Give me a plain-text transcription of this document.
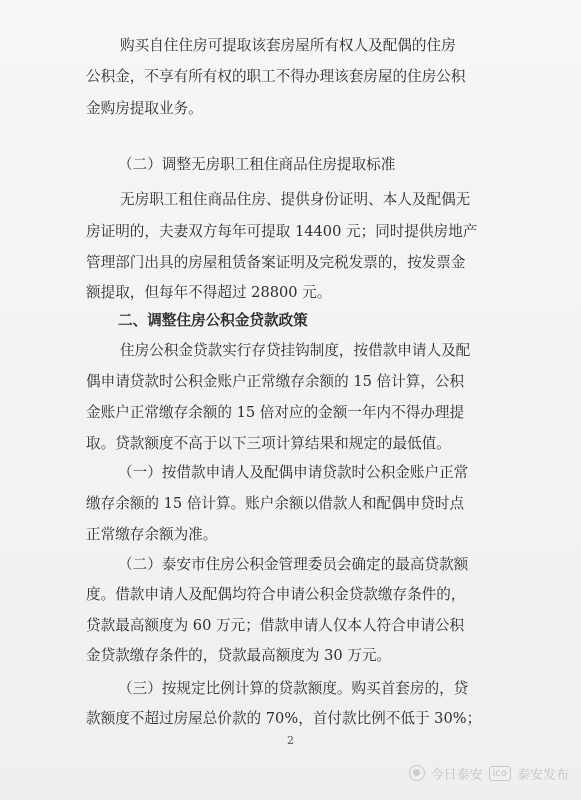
购买自住住房可提取该套房屋所有权人及配偶的住房
公积金，不享有所有权的职工不得办理该套房屋的住房公积
金购房提取业务。
（二）调整无房职工租住商品住房提取标准
无房职工租住商品住房、提供身份证明、本人及配偶无
房证明的，夫妻双方每年可提取 14400 元；同时提供房地产
管理部门出具的房屋租赁备案证明及完税发票的，按发票金
额提取，但每年不得超过 28800 元。
二、调整住房公积金贷款政策
住房公积金贷款实行存贷挂钩制度，按借款申请人及配
偶申请贷款时公积金账户正常缴存余额的 15 倍计算，公积
金账户正常缴存余额的 15 倍对应的金额一年内不得办理提
取。贷款额度不高于以下三项计算结果和规定的最低值。
（一）按借款申请人及配偶申请贷款时公积金账户正常
缴存余额的 15 倍计算。账户余额以借款人和配偶申贷时点
正常缴存余额为准。
（二）泰安市住房公积金管理委员会确定的最高贷款额
度。借款申请人及配偶均符合申请公积金贷款缴存条件的，
贷款最高额度为 60 万元；借款申请人仅本人符合申请公积
金贷款缴存条件的，贷款最高额度为 30 万元。
（三）按规定比例计算的贷款额度。购买首套房的，贷
款额度不超过房屋总价款的 70%，首付款比例不低于 30%；
2
今日泰安	ico 泰安发布
